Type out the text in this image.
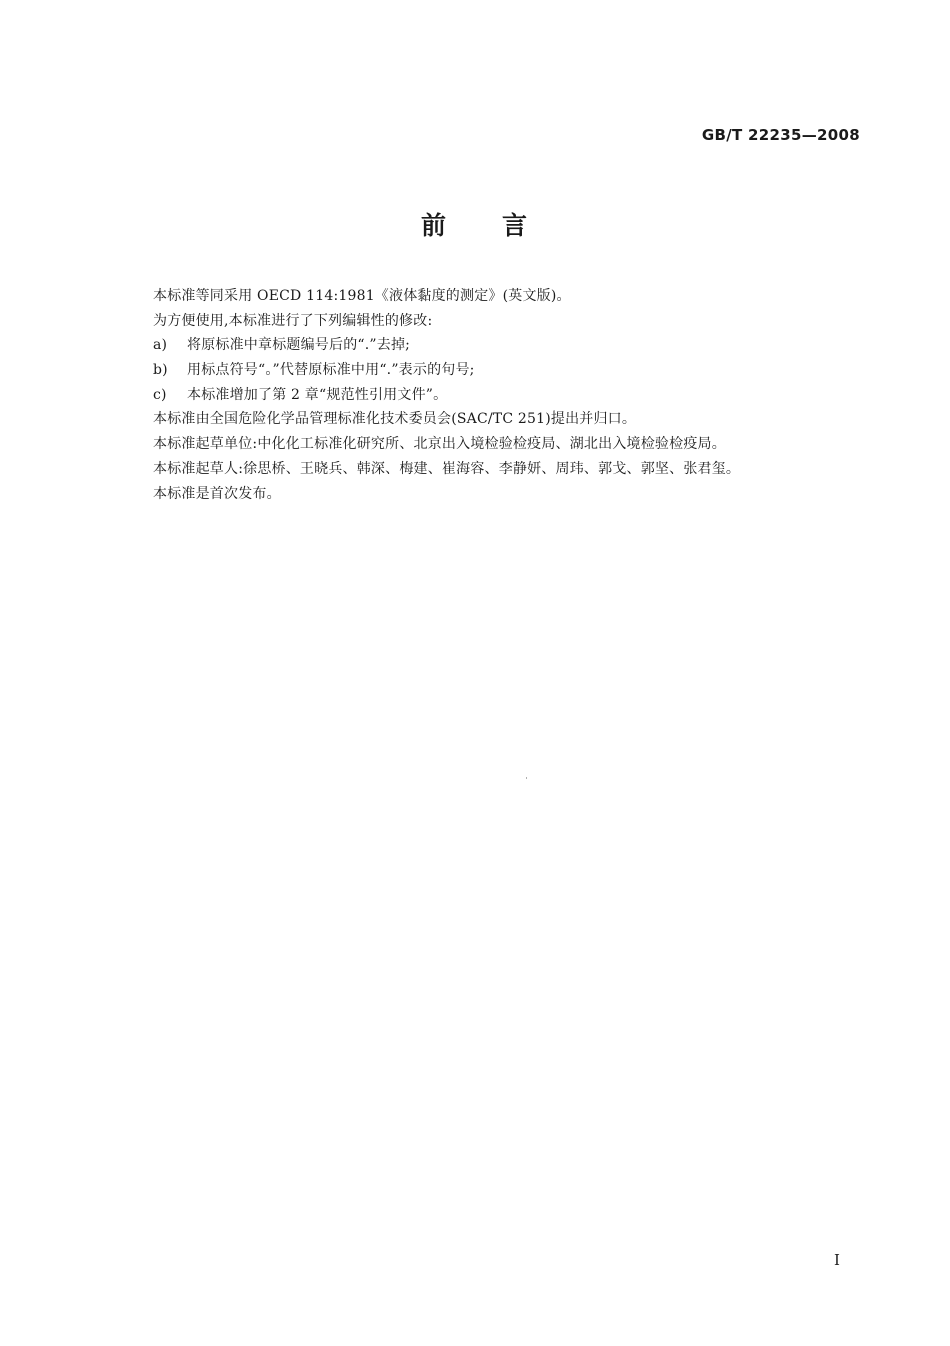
GB/T 22235—2008
前 言
本标准等同采用 OECD 114:1981《液体黏度的测定》(英文版)。
为方便使用,本标准进行了下列编辑性的修改:
a) 将原标准中章标题编号后的“.”去掉;
b) 用标点符号“。”代替原标准中用“.”表示的句号;
c) 本标准增加了第 2 章“规范性引用文件”。
本标准由全国危险化学品管理标准化技术委员会(SAC/TC 251)提出并归口。
本标准起草单位:中化化工标准化研究所、北京出入境检验检疫局、湖北出入境检验检疫局。
本标准起草人:徐思桥、王晓兵、韩深、梅建、崔海容、李静妍、周玮、郭戈、郭坚、张君玺。
本标准是首次发布。
I
